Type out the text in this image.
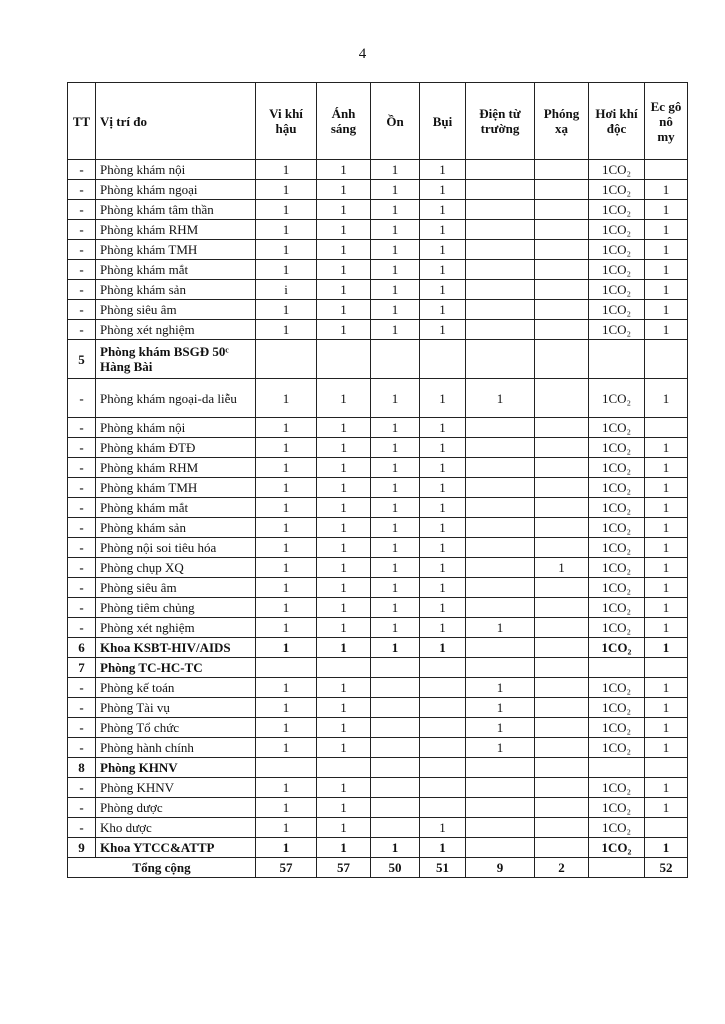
4
TT	Vị trí đo	Vi khí hậu	Ánh sáng	Ồn	Bụi	Điện từ trường	Phóng xạ	Hơi khí độc	Ec gô nô my
-	Phòng khám nội	1	1	1	1			1CO₂	
-	Phòng khám ngoại	1	1	1	1			1CO₂	1
-	Phòng khám tâm thần	1	1	1	1			1CO₂	1
-	Phòng khám RHM	1	1	1	1			1CO₂	1
-	Phòng khám TMH	1	1	1	1			1CO₂	1
-	Phòng khám mắt	1	1	1	1			1CO₂	1
-	Phòng khám sản	i	1	1	1			1CO₂	1
-	Phòng siêu âm	1	1	1	1			1CO₂	1
-	Phòng xét nghiệm	1	1	1	1			1CO₂	1
5	Phòng khám BSGĐ 50ᶜ Hàng Bài								
-	Phòng khám ngoại-da liễu	1	1	1	1	1		1CO₂	1
-	Phòng khám nội	1	1	1	1			1CO₂	
-	Phòng khám ĐTĐ	1	1	1	1			1CO₂	1
-	Phòng khám RHM	1	1	1	1			1CO₂	1
-	Phòng khám TMH	1	1	1	1			1CO₂	1
-	Phòng khám mắt	1	1	1	1			1CO₂	1
-	Phòng khám sản	1	1	1	1			1CO₂	1
-	Phòng nội soi tiêu hóa	1	1	1	1			1CO₂	1
-	Phòng chụp XQ	1	1	1	1		1	1CO₂	1
-	Phòng siêu âm	1	1	1	1			1CO₂	1
-	Phòng tiêm chủng	1	1	1	1			1CO₂	1
-	Phòng xét nghiệm	1	1	1	1	1		1CO₂	1
6	Khoa KSBT-HIV/AIDS	1	1	1	1			1CO₂	1
7	Phòng TC-HC-TC								
-	Phòng kế toán	1	1			1		1CO₂	1
-	Phòng Tài vụ	1	1			1		1CO₂	1
-	Phòng Tổ chức	1	1			1		1CO₂	1
-	Phòng hành chính	1	1			1		1CO₂	1
8	Phòng KHNV								
-	Phòng KHNV	1	1					1CO₂	1
-	Phòng dược	1	1					1CO₂	1
-	Kho dược	1	1		1			1CO₂	
9	Khoa YTCC&ATTP	1	1	1	1			1CO₂	1
Tổng cộng		57	57	50	51	9	2		52
